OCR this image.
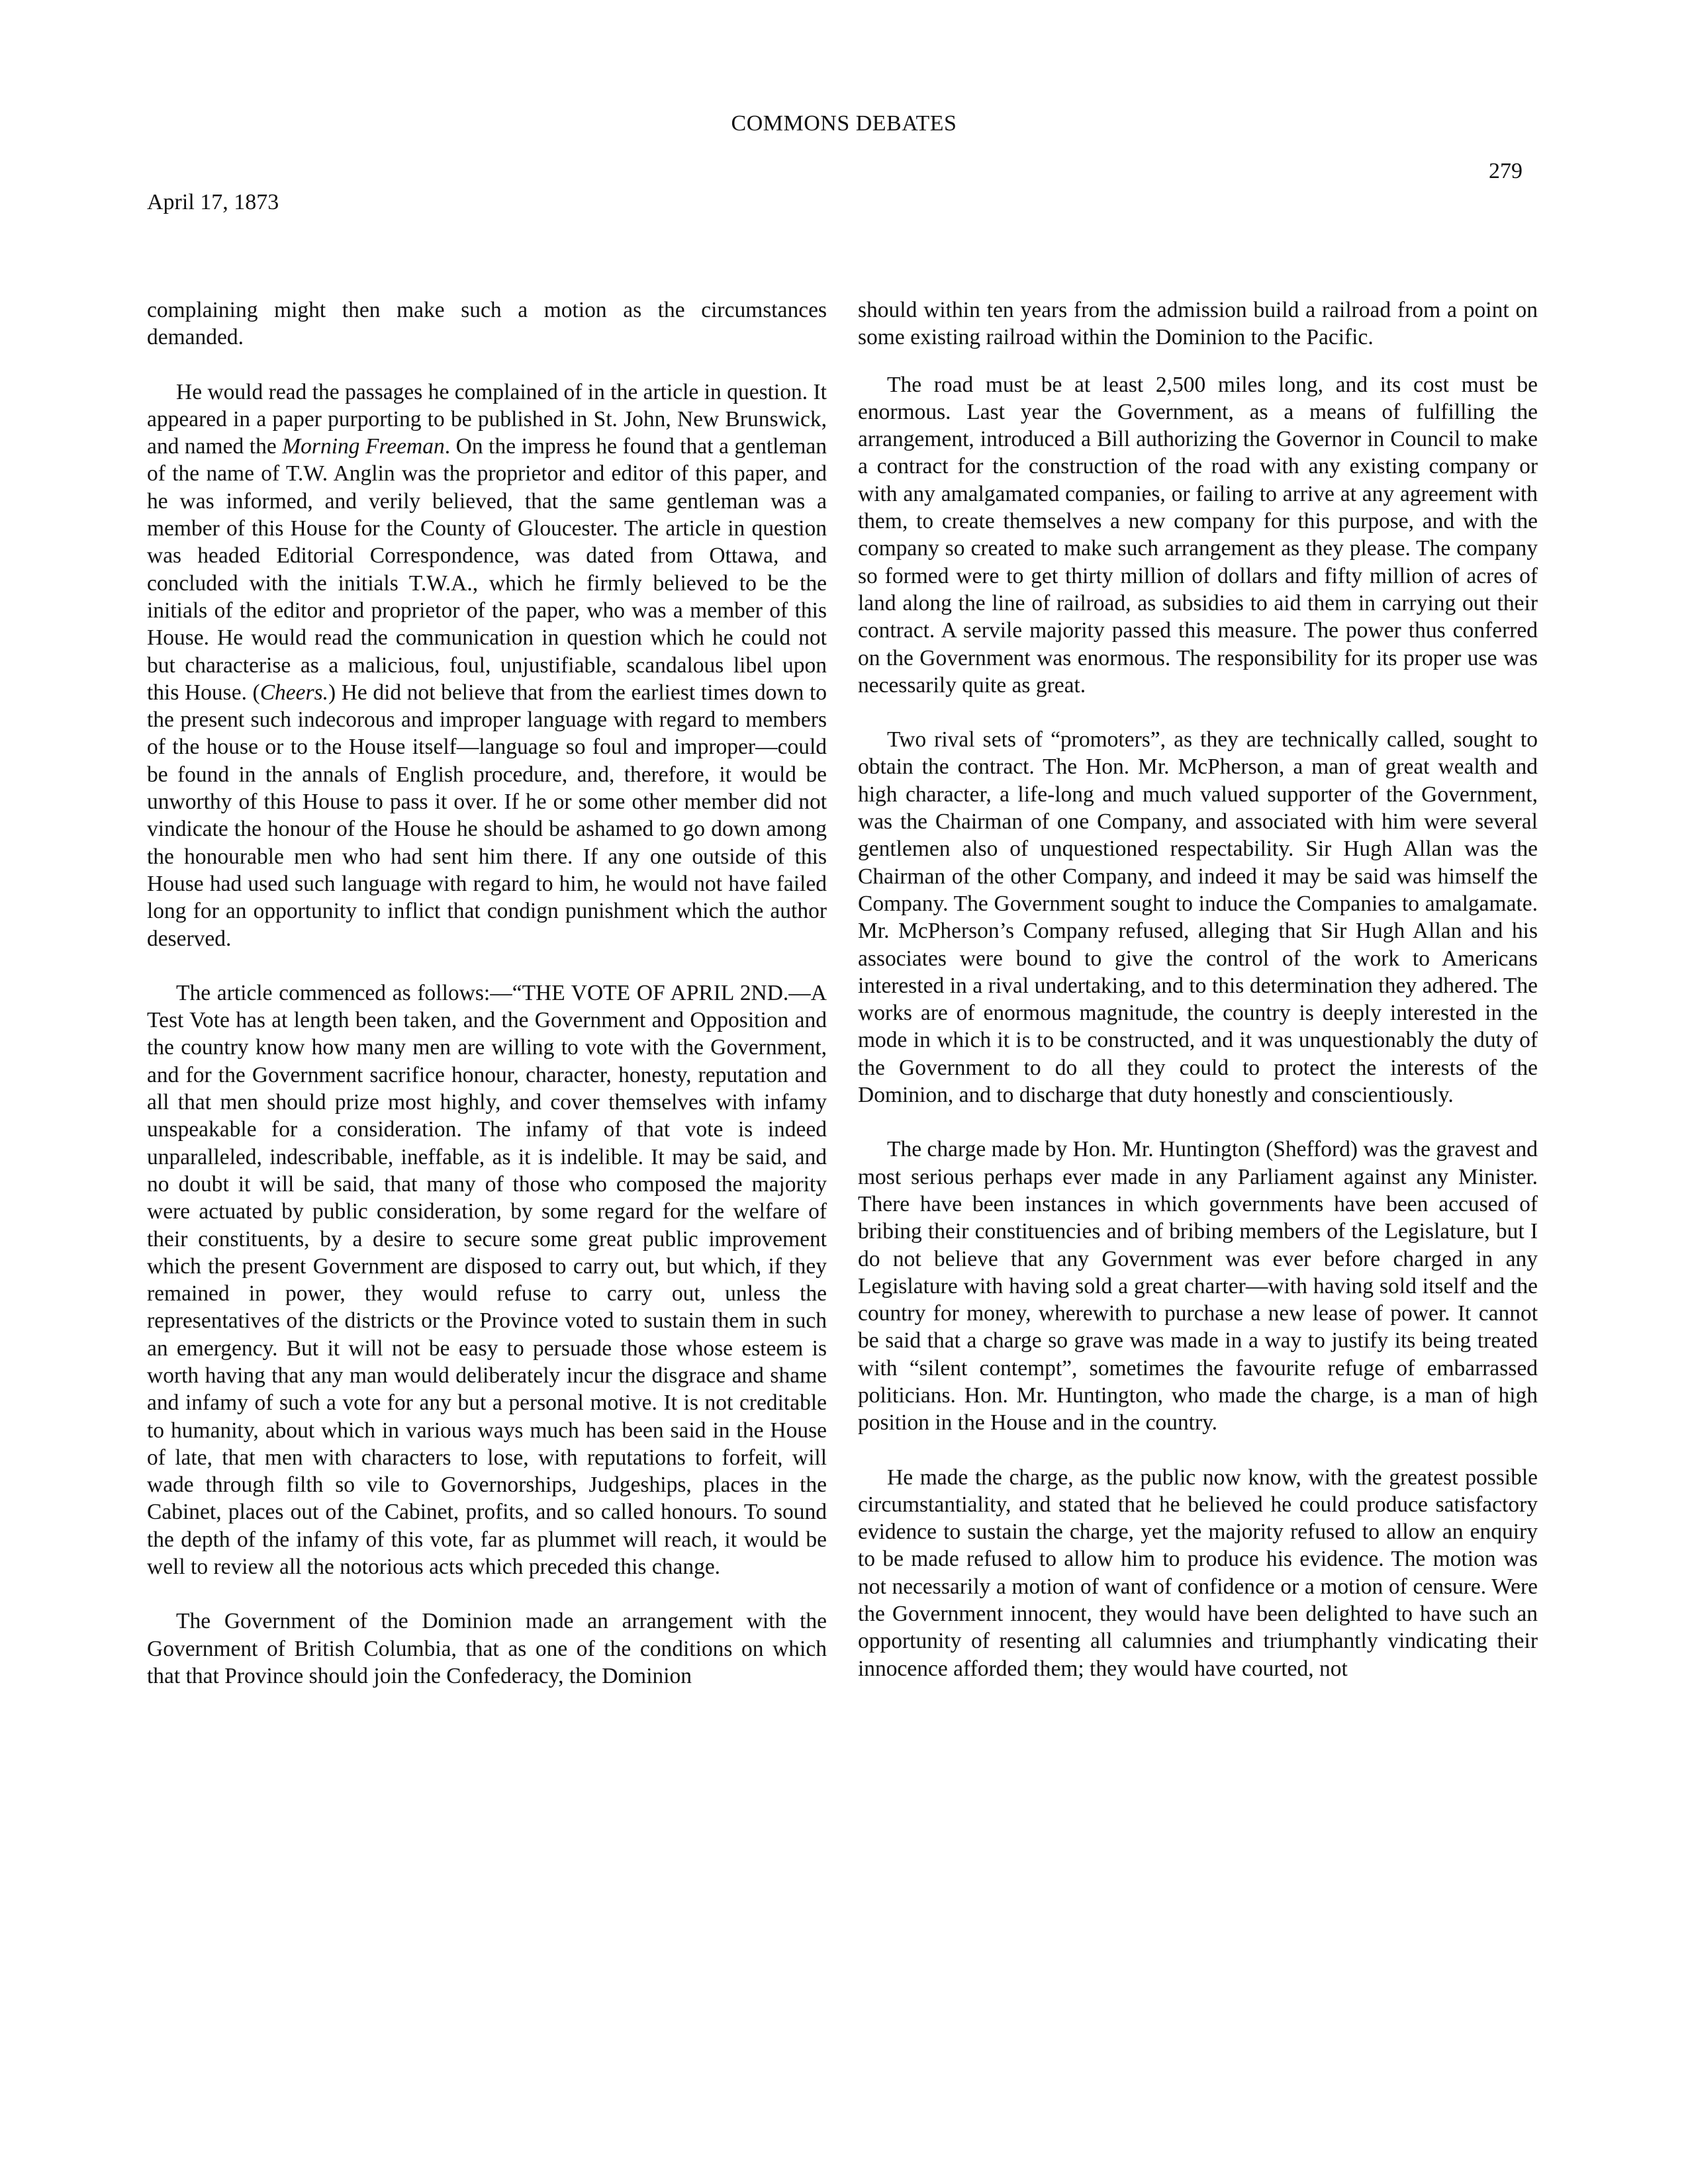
COMMONS DEBATES
279
April 17, 1873

complaining might then make such a motion as the circumstances demanded.

He would read the passages he complained of in the article in question. It appeared in a paper purporting to be published in St. John, New Brunswick, and named the Morning Freeman. On the impress he found that a gentleman of the name of T.W. Anglin was the proprietor and editor of this paper, and he was informed, and verily believed, that the same gentleman was a member of this House for the County of Gloucester. The article in question was headed Editorial Correspondence, was dated from Ottawa, and concluded with the initials T.W.A., which he firmly believed to be the initials of the editor and proprietor of the paper, who was a member of this House. He would read the communication in question which he could not but characterise as a malicious, foul, unjustifiable, scandalous libel upon this House. (Cheers.) He did not believe that from the earliest times down to the present such indecorous and improper language with regard to members of the house or to the House itself—language so foul and improper—could be found in the annals of English procedure, and, therefore, it would be unworthy of this House to pass it over. If he or some other member did not vindicate the honour of the House he should be ashamed to go down among the honourable men who had sent him there. If any one outside of this House had used such language with regard to him, he would not have failed long for an opportunity to inflict that condign punishment which the author deserved.

The article commenced as follows:—“THE VOTE OF APRIL 2ND.—A Test Vote has at length been taken, and the Government and Opposition and the country know how many men are willing to vote with the Government, and for the Government sacrifice honour, character, honesty, reputation and all that men should prize most highly, and cover themselves with infamy unspeakable for a consideration. The infamy of that vote is indeed unparalleled, indescribable, ineffable, as it is indelible. It may be said, and no doubt it will be said, that many of those who composed the majority were actuated by public consideration, by some regard for the welfare of their constituents, by a desire to secure some great public improvement which the present Government are disposed to carry out, but which, if they remained in power, they would refuse to carry out, unless the representatives of the districts or the Province voted to sustain them in such an emergency. But it will not be easy to persuade those whose esteem is worth having that any man would deliberately incur the disgrace and shame and infamy of such a vote for any but a personal motive. It is not creditable to humanity, about which in various ways much has been said in the House of late, that men with characters to lose, with reputations to forfeit, will wade through filth so vile to Governorships, Judgeships, places in the Cabinet, places out of the Cabinet, profits, and so called honours. To sound the depth of the infamy of this vote, far as plummet will reach, it would be well to review all the notorious acts which preceded this change.

The Government of the Dominion made an arrangement with the Government of British Columbia, that as one of the conditions on which that that Province should join the Confederacy, the Dominion

should within ten years from the admission build a railroad from a point on some existing railroad within the Dominion to the Pacific.

The road must be at least 2,500 miles long, and its cost must be enormous. Last year the Government, as a means of fulfilling the arrangement, introduced a Bill authorizing the Governor in Council to make a contract for the construction of the road with any existing company or with any amalgamated companies, or failing to arrive at any agreement with them, to create themselves a new company for this purpose, and with the company so created to make such arrangement as they please. The company so formed were to get thirty million of dollars and fifty million of acres of land along the line of railroad, as subsidies to aid them in carrying out their contract. A servile majority passed this measure. The power thus conferred on the Government was enormous. The responsibility for its proper use was necessarily quite as great.

Two rival sets of “promoters”, as they are technically called, sought to obtain the contract. The Hon. Mr. McPherson, a man of great wealth and high character, a life-long and much valued supporter of the Government, was the Chairman of one Company, and associated with him were several gentlemen also of unquestioned respectability. Sir Hugh Allan was the Chairman of the other Company, and indeed it may be said was himself the Company. The Government sought to induce the Companies to amalgamate. Mr. McPherson’s Company refused, alleging that Sir Hugh Allan and his associates were bound to give the control of the work to Americans interested in a rival undertaking, and to this determination they adhered. The works are of enormous magnitude, the country is deeply interested in the mode in which it is to be constructed, and it was unquestionably the duty of the Government to do all they could to protect the interests of the Dominion, and to discharge that duty honestly and conscientiously.

The charge made by Hon. Mr. Huntington (Shefford) was the gravest and most serious perhaps ever made in any Parliament against any Minister. There have been instances in which governments have been accused of bribing their constituencies and of bribing members of the Legislature, but I do not believe that any Government was ever before charged in any Legislature with having sold a great charter—with having sold itself and the country for money, wherewith to purchase a new lease of power. It cannot be said that a charge so grave was made in a way to justify its being treated with “silent contempt”, sometimes the favourite refuge of embarrassed politicians. Hon. Mr. Huntington, who made the charge, is a man of high position in the House and in the country.

He made the charge, as the public now know, with the greatest possible circumstantiality, and stated that he believed he could produce satisfactory evidence to sustain the charge, yet the majority refused to allow an enquiry to be made refused to allow him to produce his evidence. The motion was not necessarily a motion of want of confidence or a motion of censure. Were the Government innocent, they would have been delighted to have such an opportunity of resenting all calumnies and triumphantly vindicating their innocence afforded them; they would have courted, not
